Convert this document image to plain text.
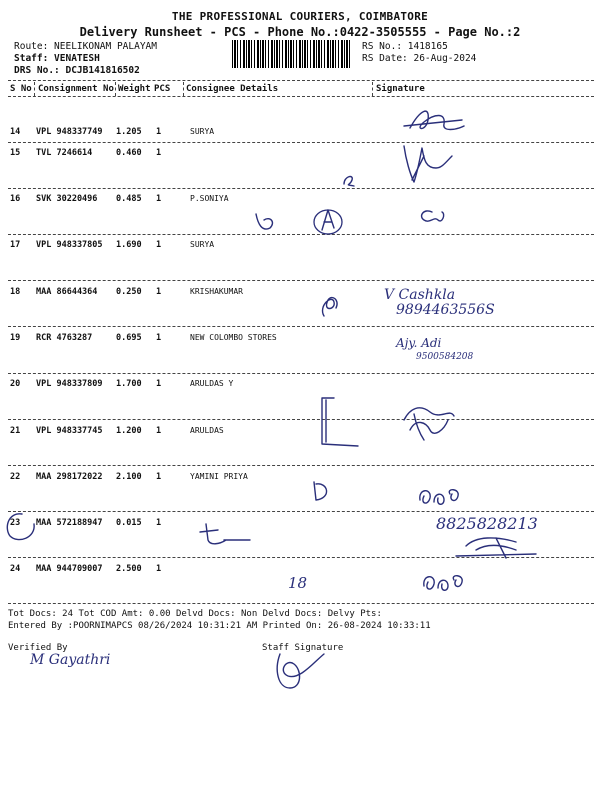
THE PROFESSIONAL COURIERS, COIMBATORE
Delivery Runsheet - PCS - Phone No.:0422-3505555 - Page No.:2
Route: NEELIKONAM PALAYAM
Staff: VENATESH
DRS No.: DCJB141816502
RS No.: 1418165
RS Date: 26-Aug-2024
S No Consignment No Weight PCS Consignee Details	Signature
14 VPL 948337749 1.205 1	SURYA
15 TVL 7246614	0.460 1
16 SVK 30220496 0.485 1	P.SONIYA
17 VPL 948337805 1.690 1	SURYA
18 MAA 86644364 0.250 1	KRISHAKUMAR
19 RCR 4763287	0.695 1	NEW COLOMBO STORES
20 VPL 948337809 1.700 1	ARULDAS Y
21 VPL 948337745 1.200 1	ARULDAS
22 MAA 298172022 2.100 1	YAMINI PRIYA
23 MAA 572188947 0.015 1
24 MAA 944709007 2.500 1
V Cashkla
9894463556S
Ajy. Adi
9500584208
8825828213
18
Tot Docs: 24 Tot COD Amt: 0.00 Delvd Docs: Non Delvd Docs: Delvy Pts:
Entered By :POORNIMAPCS 08/26/2024 10:31:21 AM Printed On: 26-08-2024 10:33:11
Verified By	Staff Signature
M Gayathri
